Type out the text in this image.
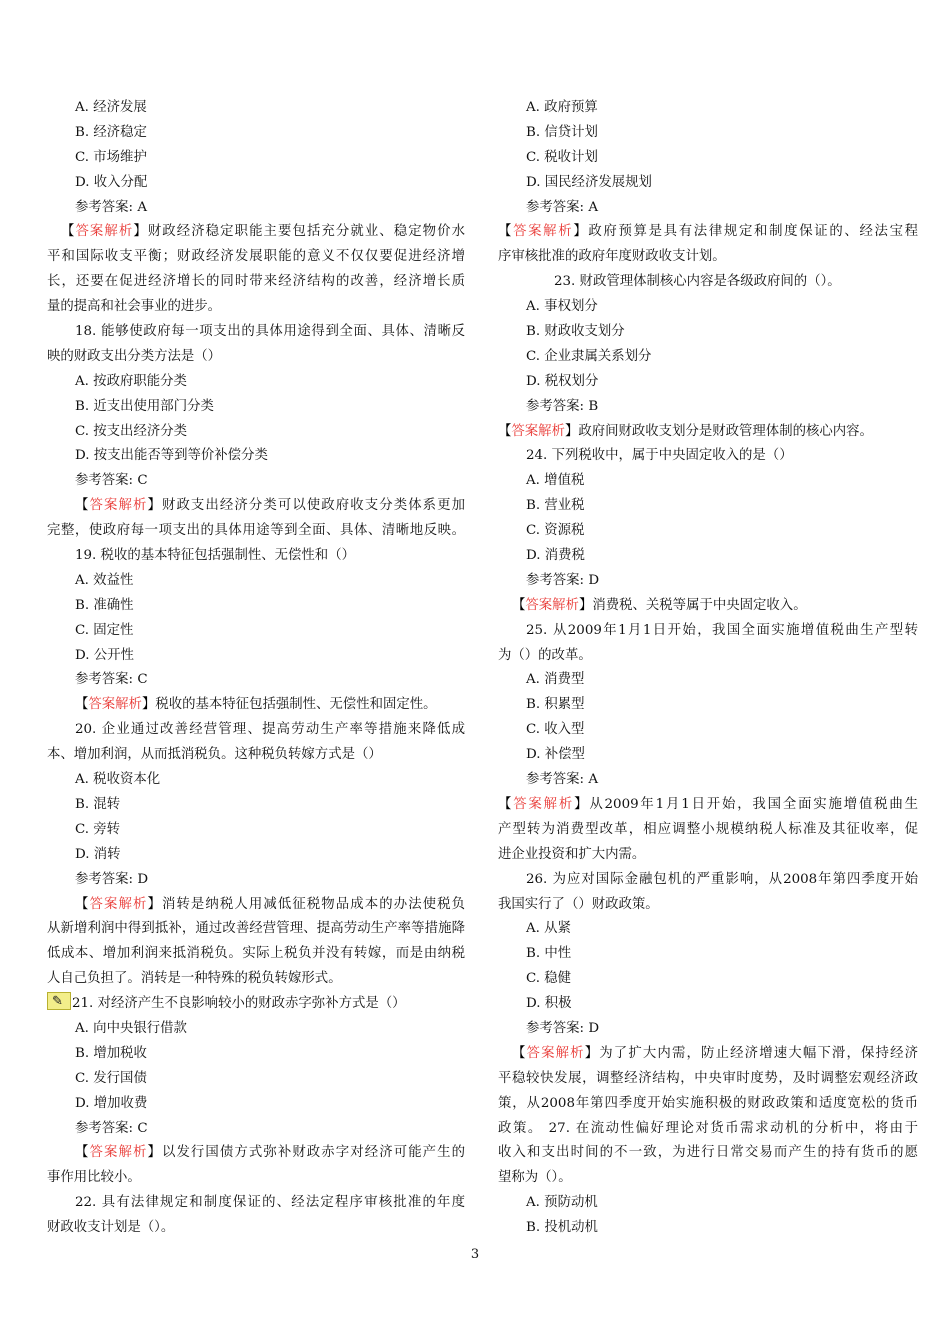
A. 经济发展
B. 经济稳定
C. 市场维护
D. 收入分配
参考答案: A
【答案解析】财政经济稳定职能主要包括充分就业、稳定物价水
平和国际收支平衡；财政经济发展职能的意义不仅仅要促进经济增
长，还要在促进经济增长的同时带来经济结构的改善，经济增长质
量的提高和社会事业的进步。
18. 能够使政府每一项支出的具体用途得到全面、具体、清晰反
映的财政支出分类方法是（）
A. 按政府职能分类
B. 近支出使用部门分类
C. 按支出经济分类
D. 按支出能否等到等价补偿分类
参考答案: C
【答案解析】财政支出经济分类可以使政府收支分类体系更加
完整，使政府每一项支出的具体用途等到全面、具体、清晰地反映。
19. 税收的基本特征包括强制性、无偿性和（）
A. 效益性
B. 准确性
C. 固定性
D. 公开性
参考答案: C
【答案解析】税收的基本特征包括强制性、无偿性和固定性。
20. 企业通过改善经营管理、提高劳动生产率等措施来降低成
本、增加利润，从而抵消税负。这种税负转嫁方式是（）
A. 税收资本化
B. 混转
C. 旁转
D. 消转
参考答案: D
【答案解析】消转是纳税人用减低征税物品成本的办法使税负
从新增利润中得到抵补，通过改善经营管理、提高劳动生产率等措施降
低成本、增加利润来抵消税负。实际上税负并没有转嫁，而是由纳税
人自己负担了。消转是一种特殊的税负转嫁形式。
✎21. 对经济产生不良影响较小的财政赤字弥补方式是（）
A. 向中央银行借款
B. 增加税收
C. 发行国债
D. 增加收费
参考答案: C
【答案解析】以发行国债方式弥补财政赤字对经济可能产生的
事作用比较小。
22. 具有法律规定和制度保证的、经法定程序审核批准的年度
财政收支计划是（）。
A. 政府预算
B. 信贷计划
C. 税收计划
D. 国民经济发展规划
参考答案: A
【答案解析】政府预算是具有法律规定和制度保证的、经法宝程
序审核批准的政府年度财政收支计划。
23. 财政管理体制核心内容是各级政府间的（）。
A. 事权划分
B. 财政收支划分
C. 企业隶属关系划分
D. 税权划分
参考答案: B
【答案解析】政府间财政收支划分是财政管理体制的核心内容。
24. 下列税收中，属于中央固定收入的是（）
A. 增值税
B. 营业税
C. 资源税
D. 消费税
参考答案: D
【答案解析】消费税、关税等属于中央固定收入。
25. 从2009年1月1日开始，我国全面实施增值税曲生产型转
为（）的改革。
A. 消费型
B. 积累型
C. 收入型
D. 补偿型
参考答案: A
【答案解析】从2009年1月1日开始，我国全面实施增值税曲生
产型转为消费型改革，相应调整小规模纳税人标准及其征收率，促
进企业投资和扩大内需。
26. 为应对国际金融包机的严重影响，从2008年第四季度开始
我国实行了（）财政政策。
A. 从紧
B. 中性
C. 稳健
D. 积极
参考答案: D
【答案解析】为了扩大内需，防止经济增速大幅下滑，保持经济
平稳较快发展，调整经济结构，中央审时度势，及时调整宏观经济政
策，从2008年第四季度开始实施积极的财政政策和适度宽松的货币
政策。 27. 在流动性偏好理论对货币需求动机的分析中，将由于
收入和支出时间的不一致，为进行日常交易而产生的持有货币的愿
望称为（）。
A. 预防动机
B. 投机动机
3
